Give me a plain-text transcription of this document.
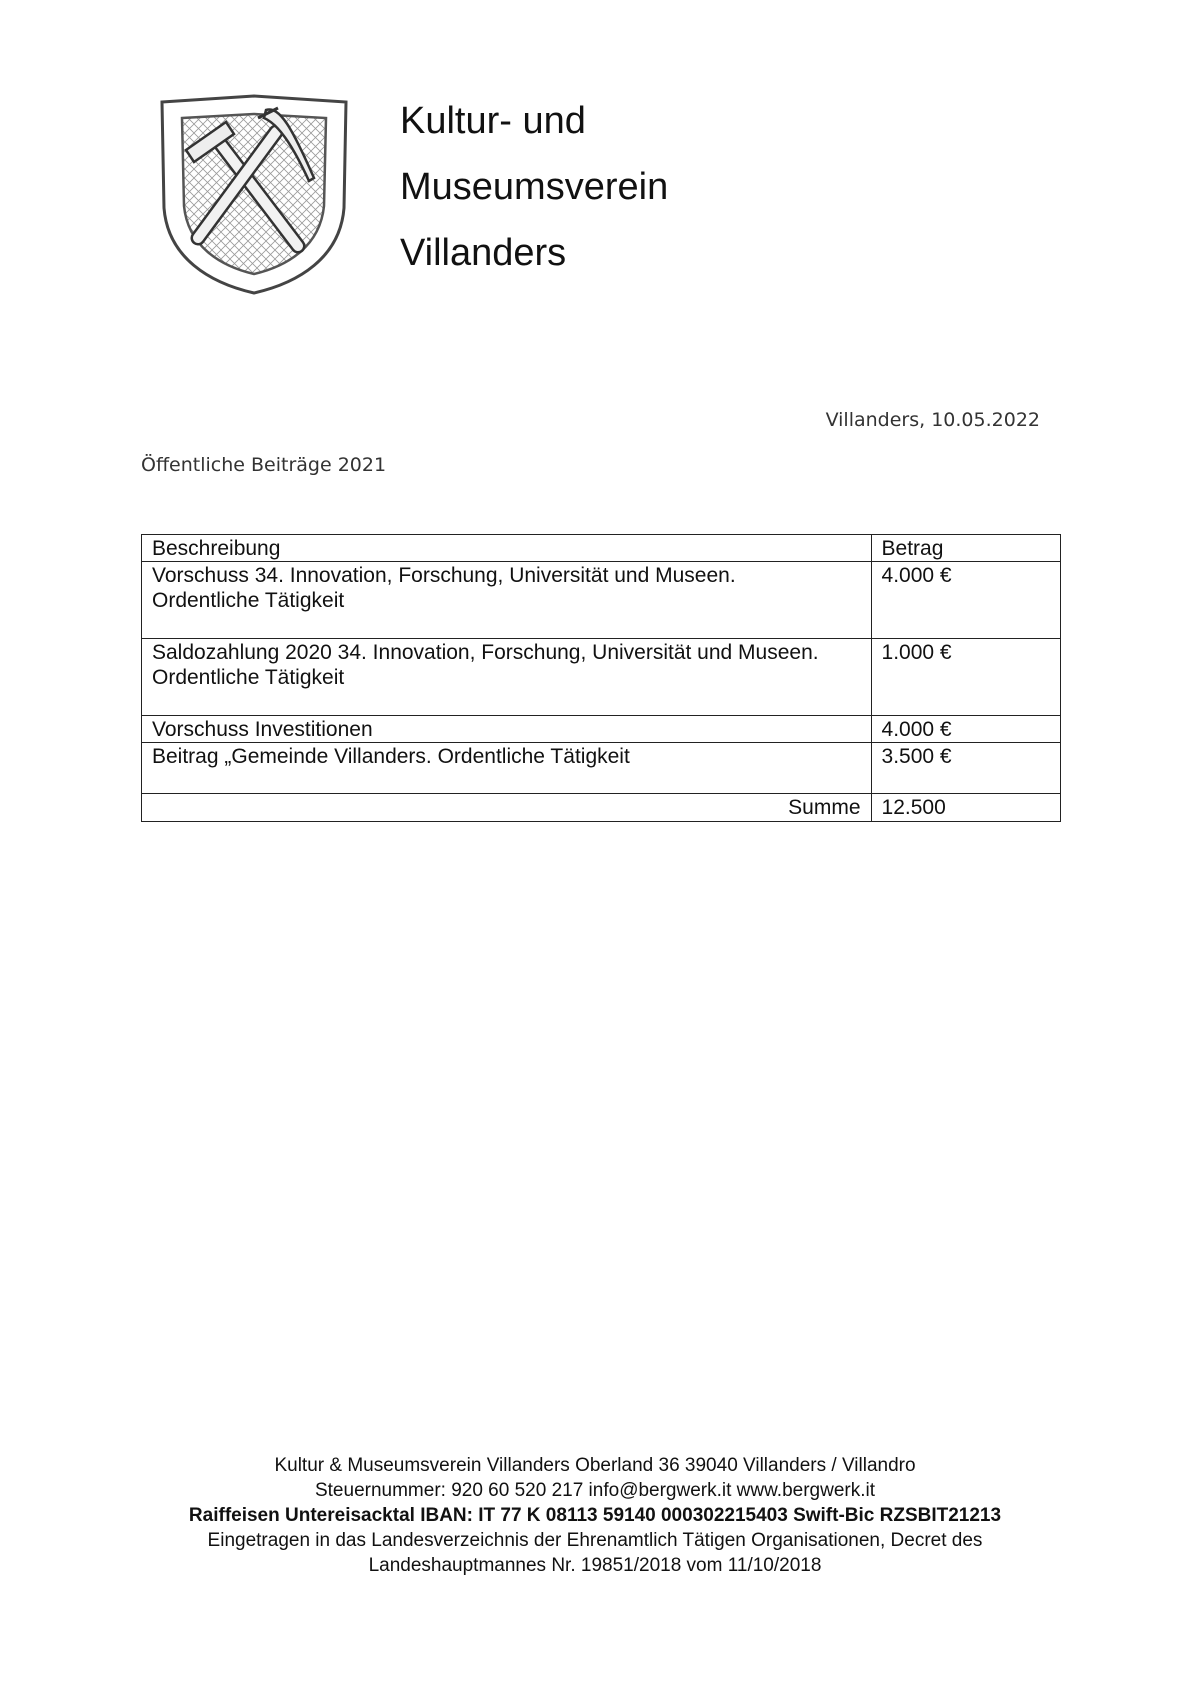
Kultur- und
Museumsverein
Villanders
Villanders, 10.05.2022
Öffentliche Beiträge 2021
Beschreibung	Betrag

Vorschuss 34. Innovation, Forschung, Universität und Museen.
Ordentliche Tätigkeit	4.000 €

Saldozahlung 2020 34. Innovation, Forschung, Universität und Museen.
Ordentliche Tätigkeit	1.000 €

Vorschuss Investitionen	4.000 €

Beitrag „Gemeinde Villanders. Ordentliche Tätigkeit	3.500 €
Summe	12.500
Kultur & Museumsverein Villanders Oberland 36 39040 Villanders / Villandro
Steuernummer: 920 60 520 217 info@bergwerk.it www.bergwerk.it
Raiffeisen Untereisacktal IBAN: IT 77 K 08113 59140 000302215403 Swift-Bic RZSBIT21213
Eingetragen in das Landesverzeichnis der Ehrenamtlich Tätigen Organisationen, Decret des
Landeshauptmannes Nr. 19851/2018 vom 11/10/2018
